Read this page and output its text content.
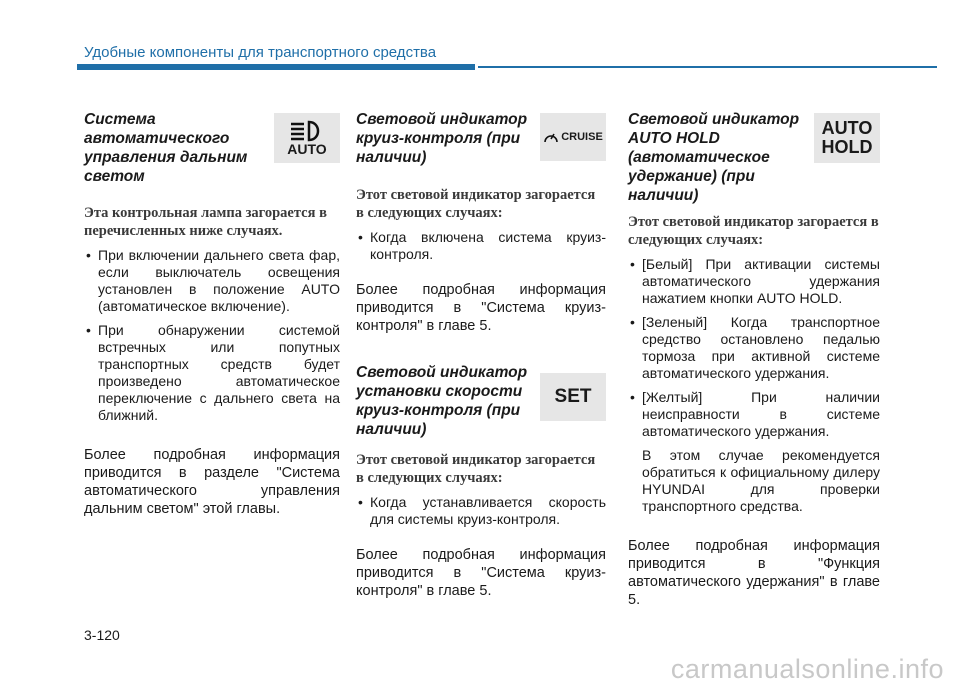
Удобные компоненты для транспортного средства

Система автоматического управления дальним светом

AUTO

Эта контрольная лампа загорается в перечисленных ниже случаях.

• При включении дальнего света фар, если выключатель освещения установлен в положение AUTO (автоматическое включение).
• При обнаружении системой встречных или попутных транспортных средств будет произведено автоматическое переключение с дальнего света на ближний.

Более подробная информация приводится в разделе "Система автоматического управления дальним светом" этой главы.

Световой индикатор круиз-контроля (при наличии)

CRUISE

Этот световой индикатор загорается в следующих случаях:

• Когда включена система круиз-контроля.

Более подробная информация приводится в "Система круиз-контроля" в главе 5.

Световой индикатор установки скорости круиз-контроля (при наличии)

SET

Этот световой индикатор загорается в следующих случаях:

• Когда устанавливается скорость для системы круиз-контроля.

Более подробная информация приводится в "Система круиз-контроля" в главе 5.

Световой индикатор AUTO HOLD (автоматическое удержание) (при наличии)

AUTO
HOLD

Этот световой индикатор загорается в следующих случаях:

• [Белый] При активации системы автоматического удержания нажатием кнопки AUTO HOLD.
• [Зеленый] Когда транспортное средство остановлено педалью тормоза при активной системе автоматического удержания.
• [Желтый] При наличии неисправности в системе автоматического удержания.

В этом случае рекомендуется обратиться к официальному дилеру HYUNDAI для проверки транспортного средства.

Более подробная информация приводится в "Функция автоматического удержания" в главе 5.

3-120
carmanualsonline.info
